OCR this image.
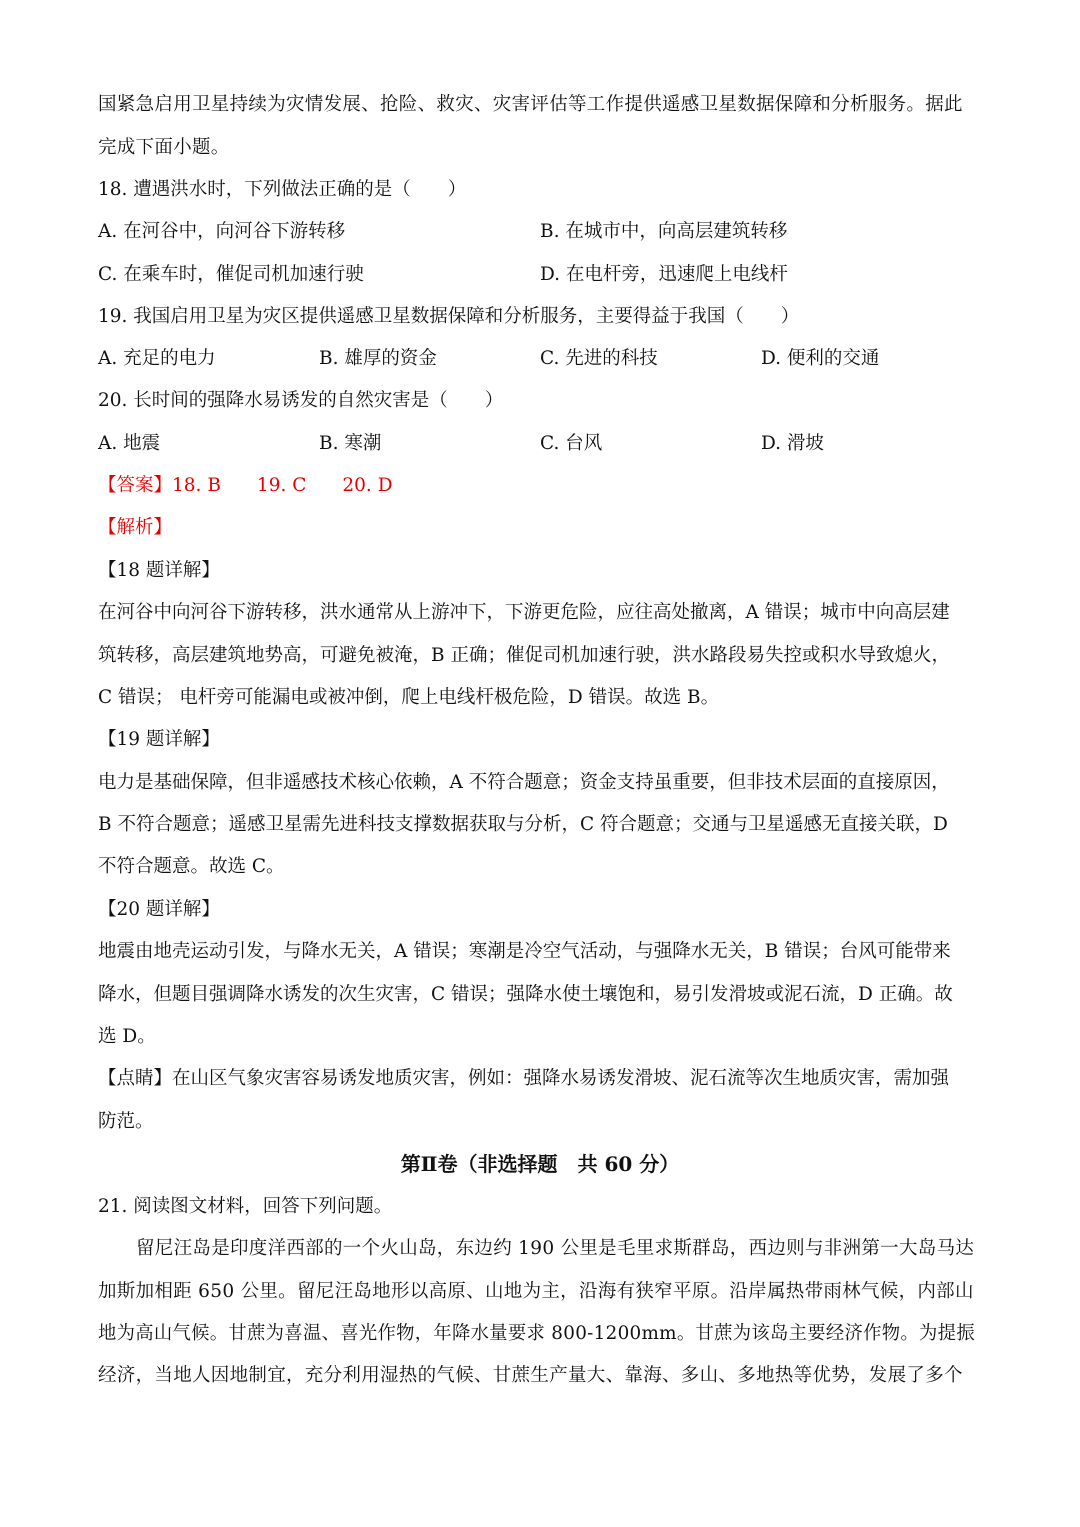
国紧急启用卫星持续为灾情发展、抢险、救灾、灾害评估等工作提供遥感卫星数据保障和分析服务。据此
完成下面小题。
18. 遭遇洪水时，下列做法正确的是（　　）
A. 在河谷中，向河谷下游转移	B. 在城市中，向高层建筑转移
C. 在乘车时，催促司机加速行驶	D. 在电杆旁，迅速爬上电线杆
19. 我国启用卫星为灾区提供遥感卫星数据保障和分析服务，主要得益于我国（　　）
A. 充足的电力	B. 雄厚的资金	C. 先进的科技	D. 便利的交通
20. 长时间的强降水易诱发的自然灾害是（　　）
A. 地震	B. 寒潮	C. 台风	D. 滑坡
【答案】18. B 19. C 20. D
【解析】
【18 题详解】
在河谷中向河谷下游转移，洪水通常从上游冲下，下游更危险，应往高处撤离，A 错误；城市中向高层建
筑转移，高层建筑地势高，可避免被淹，B 正确；催促司机加速行驶，洪水路段易失控或积水导致熄火，
C 错误； 电杆旁可能漏电或被冲倒，爬上电线杆极危险，D 错误。故选 B。
【19 题详解】
电力是基础保障，但非遥感技术核心依赖，A 不符合题意；资金支持虽重要，但非技术层面的直接原因，
B 不符合题意；遥感卫星需先进科技支撑数据获取与分析，C 符合题意；交通与卫星遥感无直接关联，D
不符合题意。故选 C。
【20 题详解】
地震由地壳运动引发，与降水无关，A 错误；寒潮是冷空气活动，与强降水无关，B 错误；台风可能带来
降水，但题目强调降水诱发的次生灾害，C 错误；强降水使土壤饱和，易引发滑坡或泥石流，D 正确。故
选 D。
【点睛】在山区气象灾害容易诱发地质灾害，例如：强降水易诱发滑坡、泥石流等次生地质灾害，需加强
防范。
第Ⅱ卷（非选择题　共 60 分）
21. 阅读图文材料，回答下列问题。
留尼汪岛是印度洋西部的一个火山岛，东边约 190 公里是毛里求斯群岛，西边则与非洲第一大岛马达
加斯加相距 650 公里。留尼汪岛地形以高原、山地为主，沿海有狭窄平原。沿岸属热带雨林气候，内部山
地为高山气候。甘蔗为喜温、喜光作物，年降水量要求 800-1200mm。甘蔗为该岛主要经济作物。为提振
经济，当地人因地制宜，充分利用湿热的气候、甘蔗生产量大、靠海、多山、多地热等优势，发展了多个
